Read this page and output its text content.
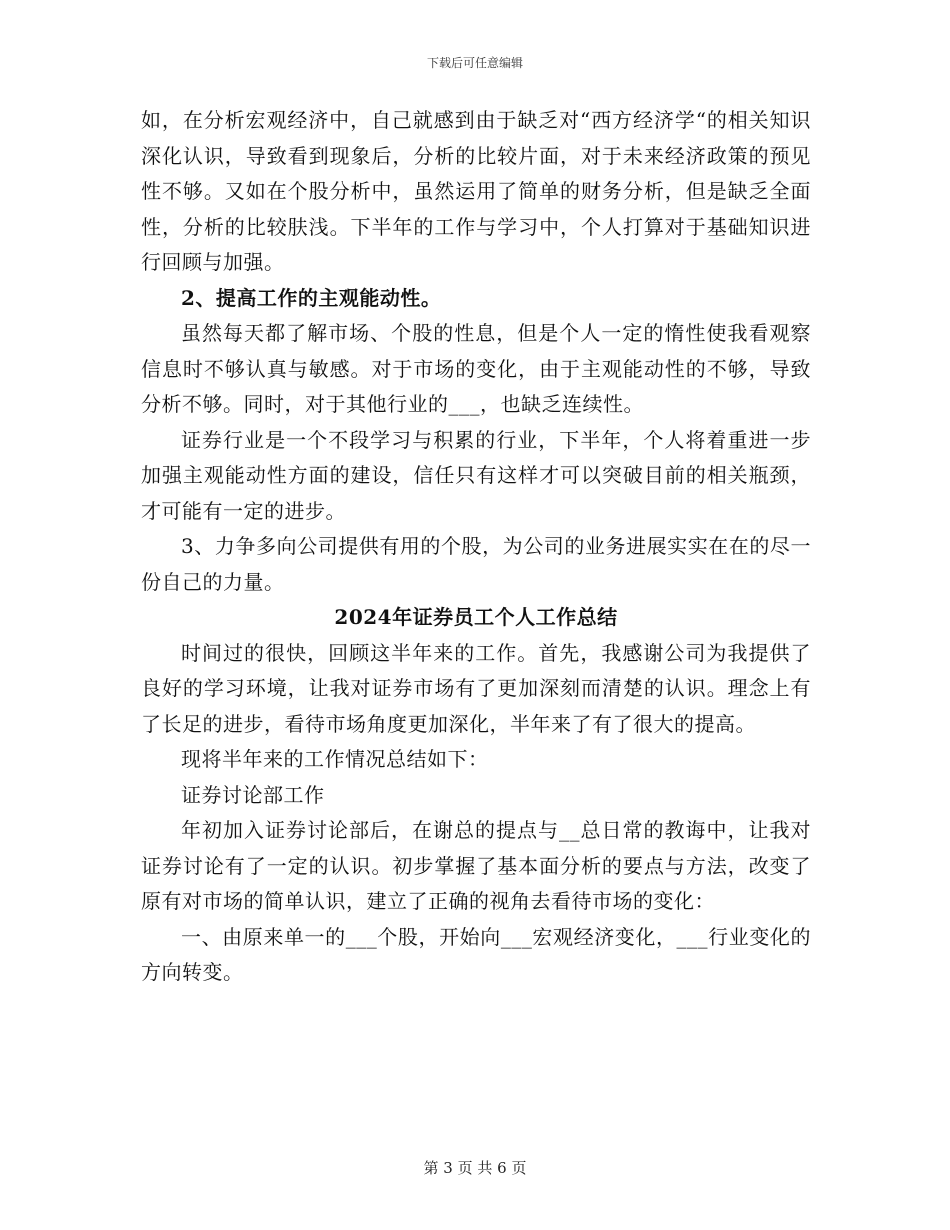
下载后可任意编辑

如，在分析宏观经济中，自己就感到由于缺乏对“西方经济学“的相关知识深化认识，导致看到现象后，分析的比较片面，对于未来经济政策的预见性不够。又如在个股分析中，虽然运用了简单的财务分析，但是缺乏全面性，分析的比较肤浅。下半年的工作与学习中，个人打算对于基础知识进行回顾与加强。

2、提高工作的主观能动性。

虽然每天都了解市场、个股的性息，但是个人一定的惰性使我看观察信息时不够认真与敏感。对于市场的变化，由于主观能动性的不够，导致分析不够。同时，对于其他行业的___，也缺乏连续性。

证券行业是一个不段学习与积累的行业，下半年，个人将着重进一步加强主观能动性方面的建设，信任只有这样才可以突破目前的相关瓶颈，才可能有一定的进步。

3、力争多向公司提供有用的个股，为公司的业务进展实实在在的尽一份自己的力量。

2024年证券员工个人工作总结

时间过的很快，回顾这半年来的工作。首先，我感谢公司为我提供了良好的学习环境，让我对证券市场有了更加深刻而清楚的认识。理念上有了长足的进步，看待市场角度更加深化，半年来了有了很大的提高。

现将半年来的工作情况总结如下：

证券讨论部工作

年初加入证券讨论部后，在谢总的提点与__总日常的教诲中，让我对证券讨论有了一定的认识。初步掌握了基本面分析的要点与方法，改变了原有对市场的简单认识，建立了正确的视角去看待市场的变化：

一、由原来单一的___个股，开始向___宏观经济变化，___行业变化的方向转变。

第 3 页 共 6 页
